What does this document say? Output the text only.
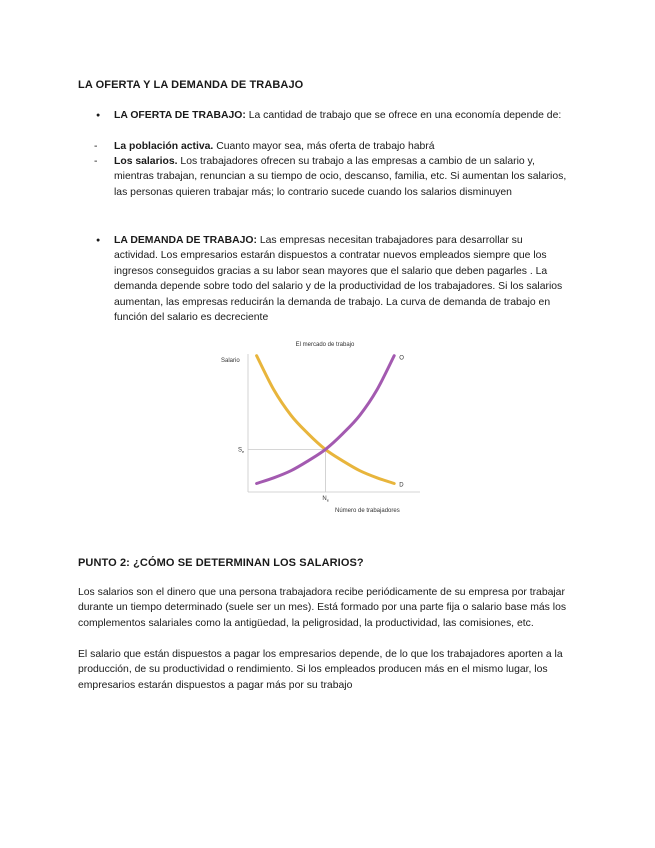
LA OFERTA Y LA DEMANDA DE TRABAJO
●	LA OFERTA DE TRABAJO: La cantidad de trabajo que se ofrece en una economía depende de:
-	La población activa. Cuanto mayor sea, más oferta de trabajo habrá
-	Los salarios. Los trabajadores ofrecen su trabajo a las empresas a cambio de un salario y, mientras trabajan, renuncian a su tiempo de ocio, descanso, familia, etc. Si aumentan los salarios, las personas quieren trabajar más; lo contrario sucede cuando los salarios disminuyen
●	LA DEMANDA DE TRABAJO: Las empresas necesitan trabajadores para desarrollar su actividad. Los empresarios estarán dispuestos a contratar nuevos empleados siempre que los ingresos conseguidos gracias a su labor sean mayores que el salario que deben pagarles . La demanda depende sobre todo del salario y de la productividad de los trabajadores. Si los salarios aumentan, las empresas reducirán la demanda de trabajo. La curva de demanda de trabajo en función del salario es decreciente
El mercado de trabajo
Salario
$S_e$
$N_e$
O
D
Número de trabajadores
PUNTO 2: ¿CÓMO SE DETERMINAN LOS SALARIOS?
Los salarios son el dinero que una persona trabajadora recibe periódicamente de su empresa por trabajar durante un tiempo determinado (suele ser un mes). Está formado por una parte fija o salario base más los complementos salariales como la antigüedad, la peligrosidad, la productividad, las comisiones, etc.
El salario que están dispuestos a pagar los empresarios depende, de lo que los trabajadores aporten a la producción, de su productividad o rendimiento. Si los empleados producen más en el mismo lugar, los empresarios estarán dispuestos a pagar más por su trabajo
